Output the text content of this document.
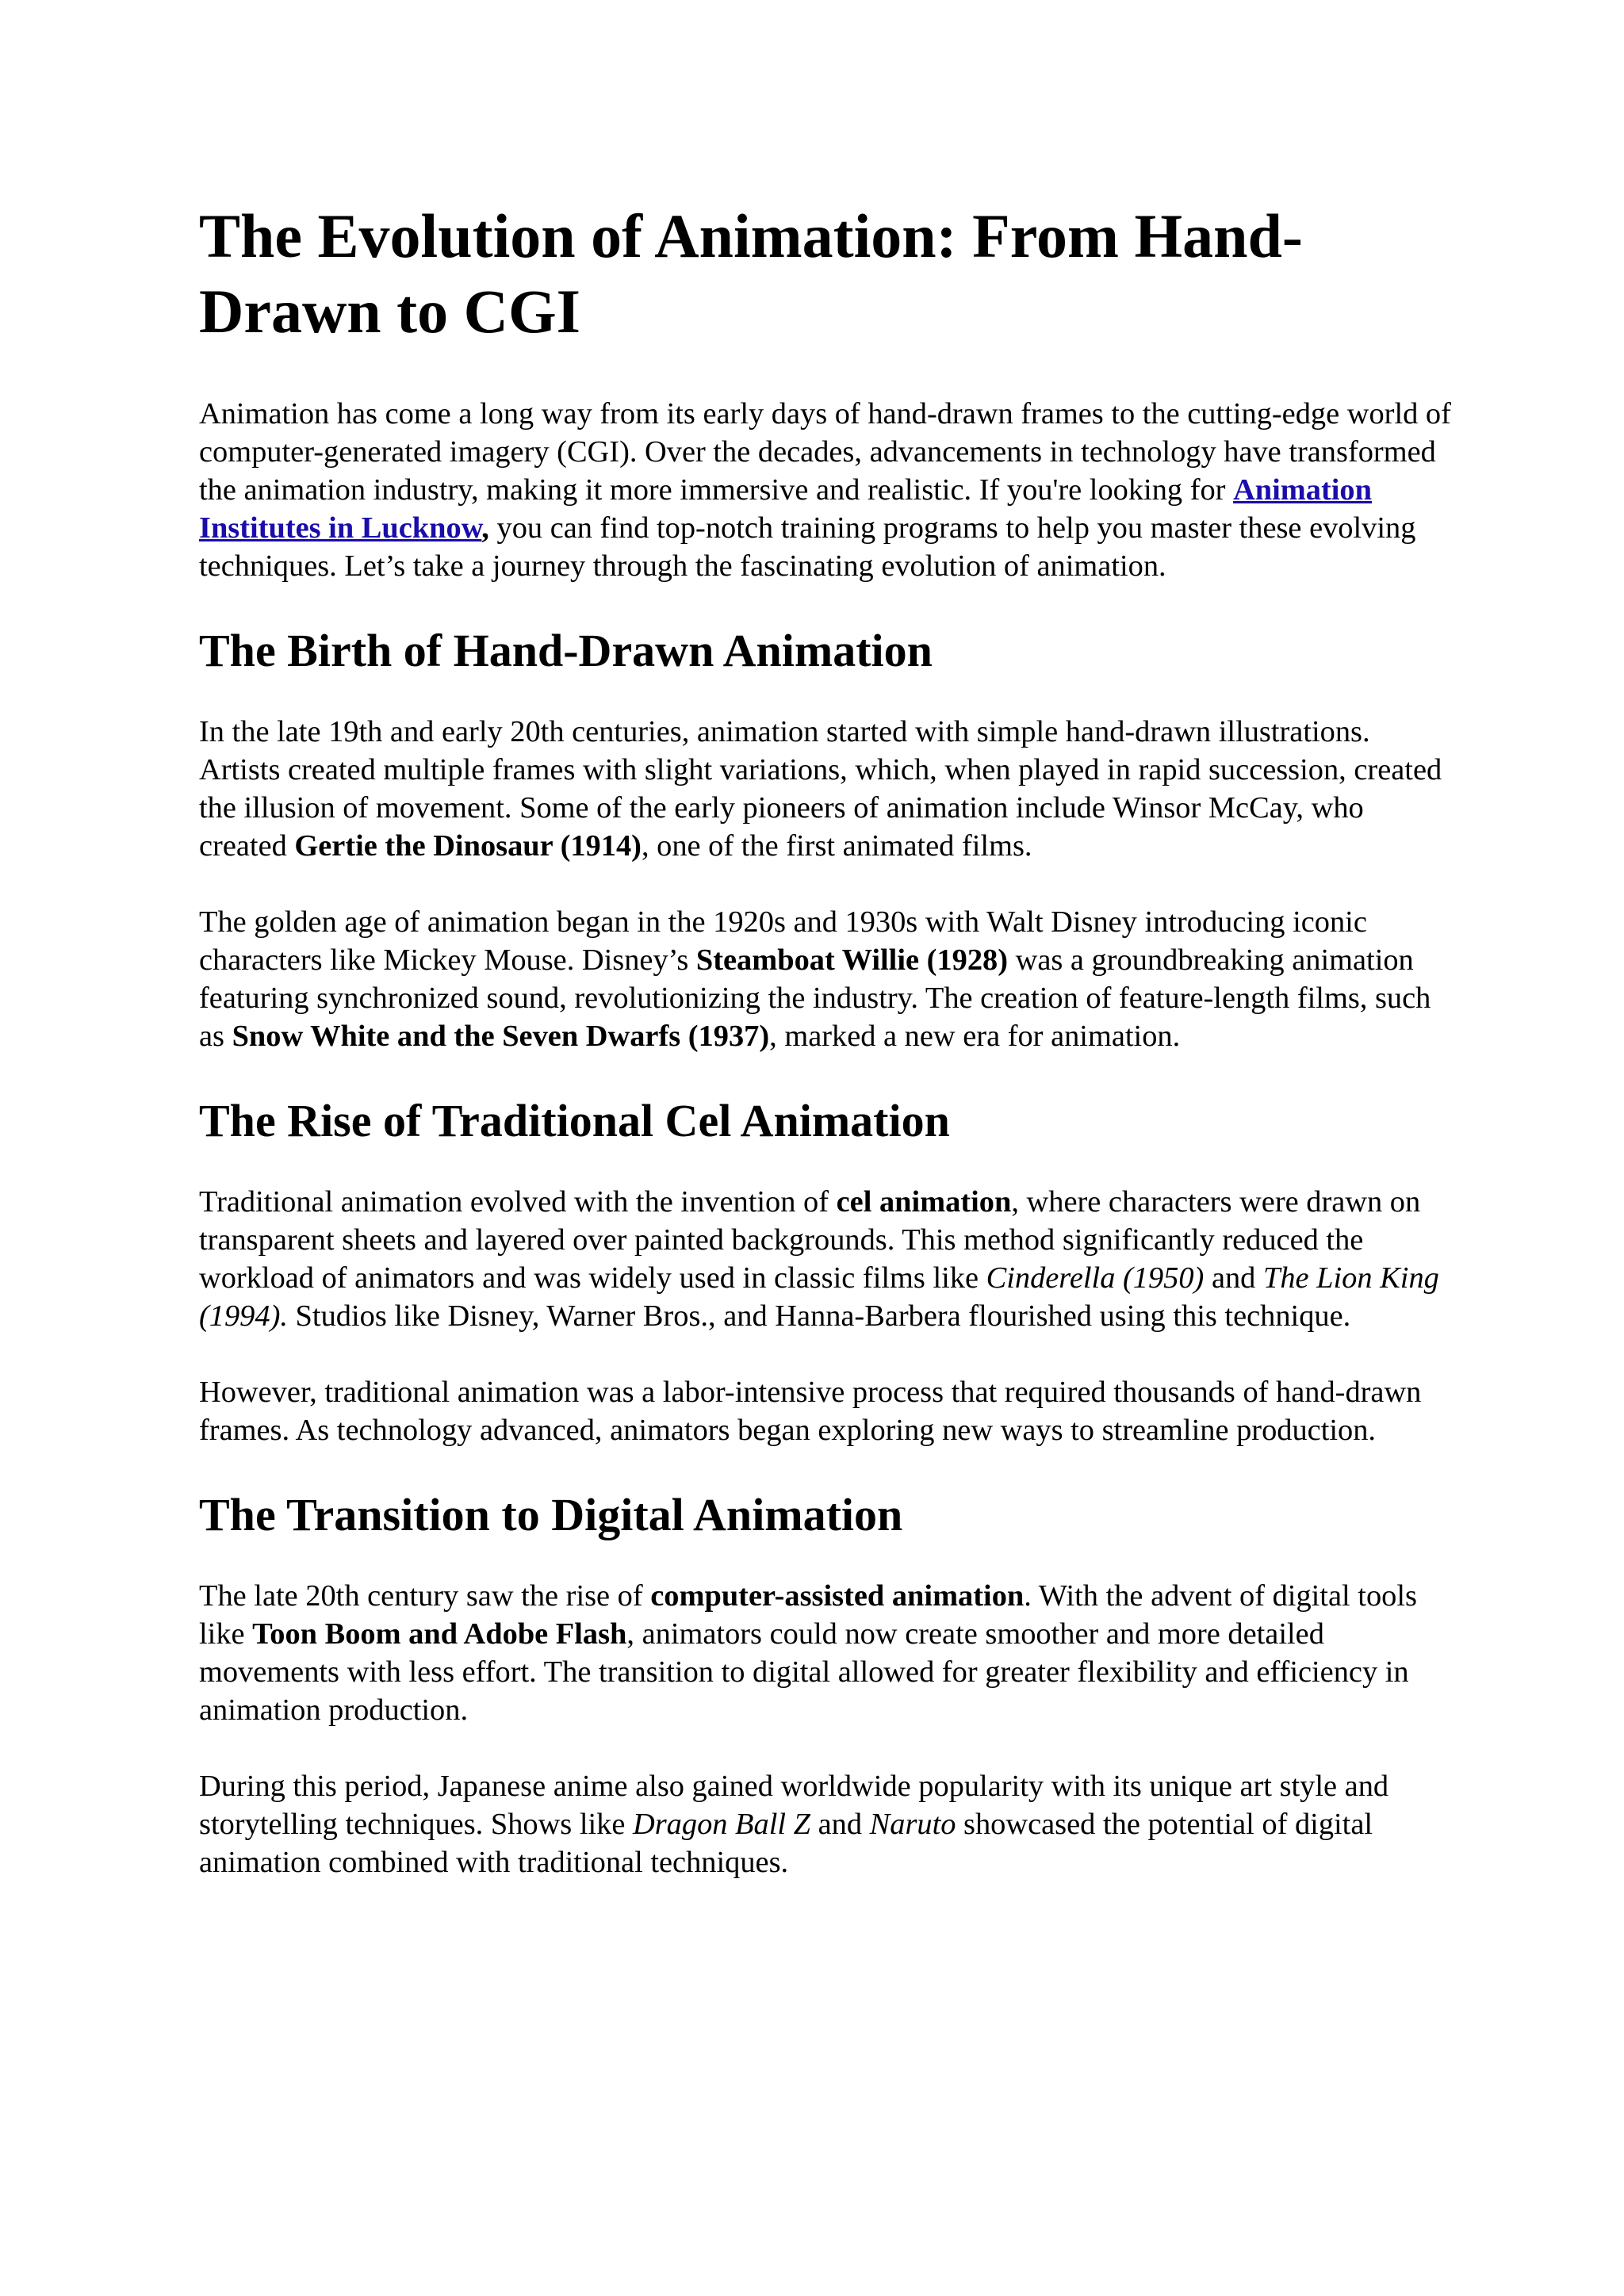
The Evolution of Animation: From Hand-Drawn to CGI

Animation has come a long way from its early days of hand-drawn frames to the cutting-edge world of computer-generated imagery (CGI). Over the decades, advancements in technology have transformed the animation industry, making it more immersive and realistic. If you're looking for Animation Institutes in Lucknow, you can find top-notch training programs to help you master these evolving techniques. Let’s take a journey through the fascinating evolution of animation.

The Birth of Hand-Drawn Animation

In the late 19th and early 20th centuries, animation started with simple hand-drawn illustrations. Artists created multiple frames with slight variations, which, when played in rapid succession, created the illusion of movement. Some of the early pioneers of animation include Winsor McCay, who created Gertie the Dinosaur (1914), one of the first animated films.

The golden age of animation began in the 1920s and 1930s with Walt Disney introducing iconic characters like Mickey Mouse. Disney’s Steamboat Willie (1928) was a groundbreaking animation featuring synchronized sound, revolutionizing the industry. The creation of feature-length films, such as Snow White and the Seven Dwarfs (1937), marked a new era for animation.

The Rise of Traditional Cel Animation

Traditional animation evolved with the invention of cel animation, where characters were drawn on transparent sheets and layered over painted backgrounds. This method significantly reduced the workload of animators and was widely used in classic films like Cinderella (1950) and The Lion King (1994). Studios like Disney, Warner Bros., and Hanna-Barbera flourished using this technique.

However, traditional animation was a labor-intensive process that required thousands of hand-drawn frames. As technology advanced, animators began exploring new ways to streamline production.

The Transition to Digital Animation

The late 20th century saw the rise of computer-assisted animation. With the advent of digital tools like Toon Boom and Adobe Flash, animators could now create smoother and more detailed movements with less effort. The transition to digital allowed for greater flexibility and efficiency in animation production.

During this period, Japanese anime also gained worldwide popularity with its unique art style and storytelling techniques. Shows like Dragon Ball Z and Naruto showcased the potential of digital animation combined with traditional techniques.
